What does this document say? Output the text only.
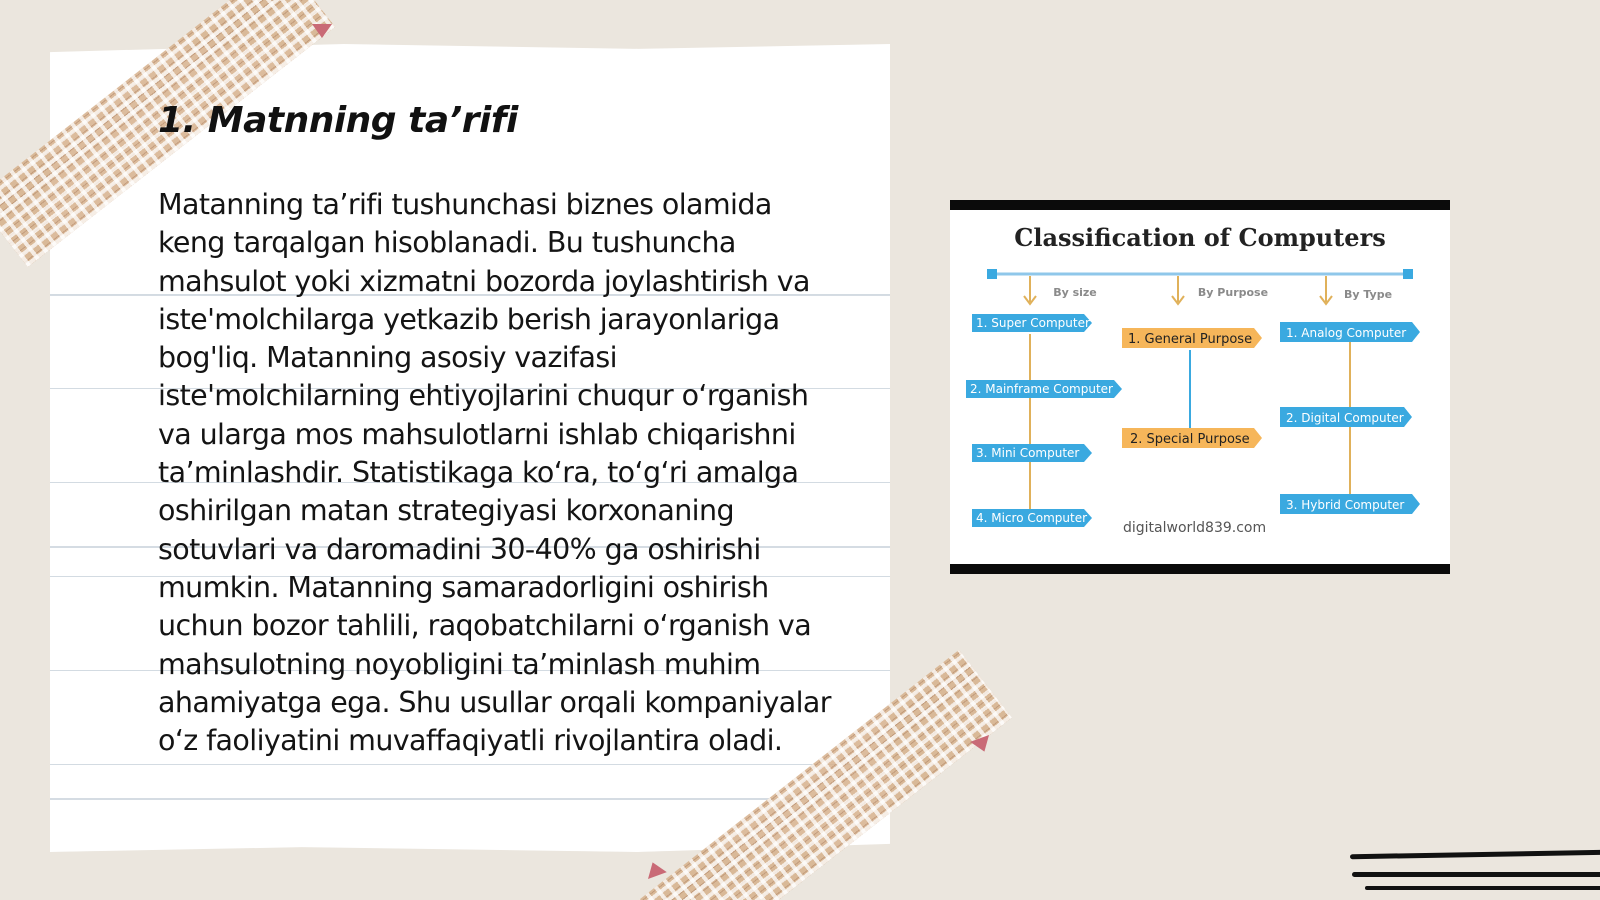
1. Matnning ta’rifi

Matanning ta’rifi tushunchasi biznes olamida keng tarqalgan hisoblanadi. Bu tushuncha mahsulot yoki xizmatni bozorda joylashtirish va iste'molchilarga yetkazib berish jarayonlariga bog'liq. Matanning asosiy vazifasi iste'molchilarning ehtiyojlarini chuqur o‘rganish va ularga mos mahsulotlarni ishlab chiqarishni ta’minlashdir. Statistikaga ko‘ra, to‘g‘ri amalga oshirilgan matan strategiyasi korxonaning sotuvlari va daromadini 30-40% ga oshirishi mumkin. Matanning samaradorligini oshirish uchun bozor tahlili, raqobatchilarni o‘rganish va mahsulotning noyobligini ta’minlash muhim ahamiyatga ega. Shu usullar orqali kompaniyalar o‘z faoliyatini muvaffaqiyatli rivojlantira oladi.

Classification of Computers
By size	By Purpose	By Type
1. Super Computer
2. Mainframe Computer
3. Mini Computer
4. Micro Computer
1. General Purpose
2. Special Purpose
1. Analog Computer
2. Digital Computer
3. Hybrid Computer
digitalworld839.com
